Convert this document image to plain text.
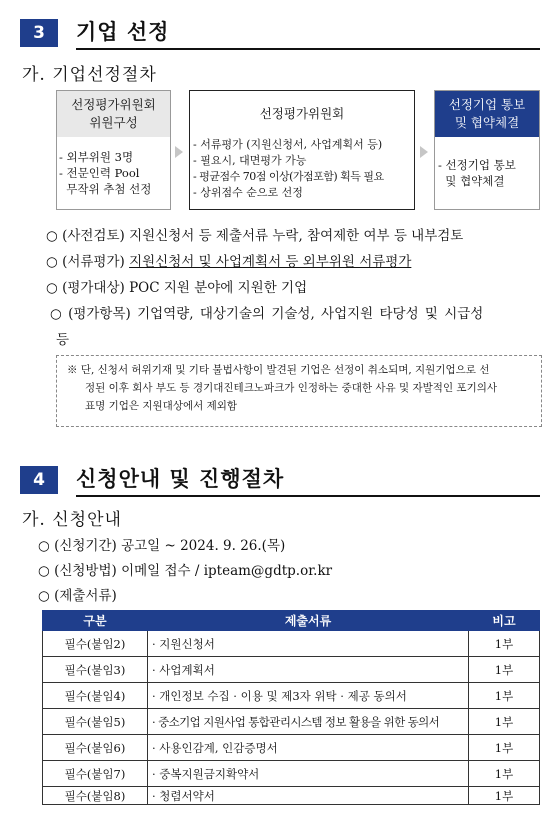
3	기업 선정
가. 기업선정절차
선정평가위원회
위원구성
- 외부위원 3명
- 전문인력 Pool
무작위 추첨 선정
선정평가위원회
- 서류평가 (지원신청서, 사업계획서 등)
- 필요시, 대면평가 가능
- 평균점수 70점 이상(가점포함) 획득 필요
- 상위점수 순으로 선정
선정기업 통보
및 협약체결
- 선정기업 통보
및 협약체결
○ (사전검토) 지원신청서 등 제출서류 누락, 참여제한 여부 등 내부검토
○ (서류평가) 지원신청서 및 사업계획서 등 외부위원 서류평가
○ (평가대상) POC 지원 분야에 지원한 기업
○ (평가항목) 기업역량, 대상기술의 기술성, 사업지원 타당성 및 시급성
등
※ 단, 신청서 허위기재 및 기타 불법사항이 발견된 기업은 선정이 취소되며, 지원기업으로 선
정된 이후 회사 부도 등 경기대진테크노파크가 인정하는 중대한 사유 및 자발적인 포기의사
표명 기업은 지원대상에서 제외함
4	신청안내 및 진행절차
가. 신청안내
○ (신청기간) 공고일 ~ 2024. 9. 26.(목)
○ (신청방법) 이메일 접수 / ipteam@gdtp.or.kr
○ (제출서류)
구분	제출서류	비고
필수(붙임2)	· 지원신청서	1부
필수(붙임3)	· 사업계획서	1부
필수(붙임4)	· 개인정보 수집 · 이용 및 제3자 위탁 · 제공 동의서	1부
필수(붙임5)	· 중소기업 지원사업 통합관리시스템 정보 활용을 위한 동의서	1부
필수(붙임6)	· 사용인감계, 인감증명서	1부
필수(붙임7)	· 중복지원금지확약서	1부
필수(붙임8)	· 청렴서약서	1부
